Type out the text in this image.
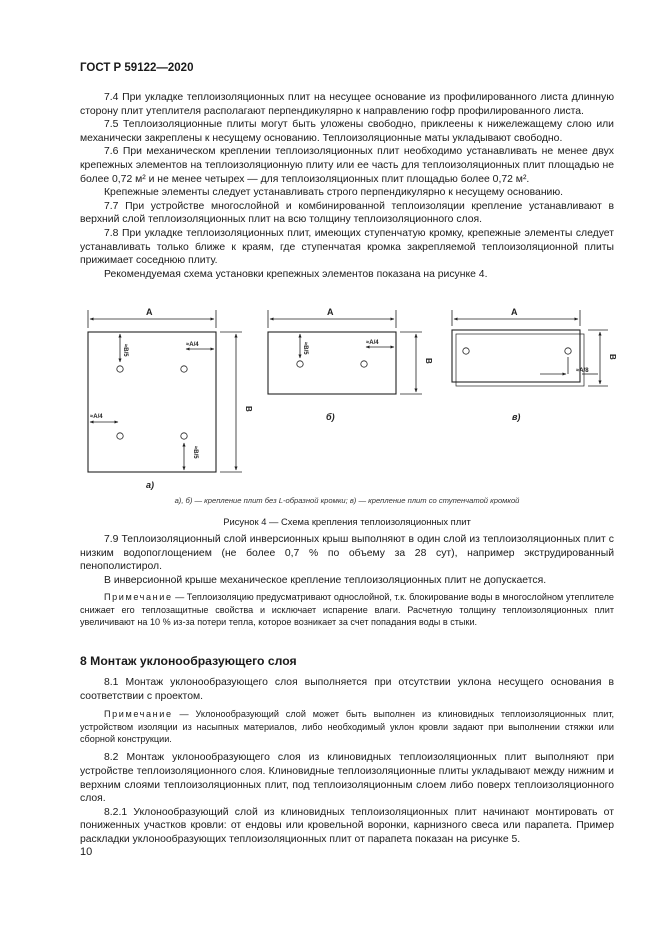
ГОСТ Р 59122—2020

7.4 При укладке теплоизоляционных плит на несущее основание из профилированного листа длинную сторону плит утеплителя располагают перпендикулярно к направлению гофр профилированного листа.

7.5 Теплоизоляционные плиты могут быть уложены свободно, приклеены к нижележащему слою или механически закреплены к несущему основанию. Теплоизоляционные маты укладывают свободно.

7.6 При механическом креплении теплоизоляционных плит необходимо устанавливать не менее двух крепежных элементов на теплоизоляционную плиту или ее часть для теплоизоляционных плит площадью не более 0,72 м² и не менее четырех — для теплоизоляционных плит площадью более 0,72 м².

Крепежные элементы следует устанавливать строго перпендикулярно к несущему основанию.

7.7 При устройстве многослойной и комбинированной теплоизоляции крепление устанавливают в верхний слой теплоизоляционных плит на всю толщину теплоизоляционного слоя.

7.8 При укладке теплоизоляционных плит, имеющих ступенчатую кромку, крепежные элементы следует устанавливать только ближе к краям, где ступенчатая кромка закрепляемой теплоизоляционной плиты прижимает соседнюю плиту.

Рекомендуемая схема установки крепежных элементов показана на рисунке 4.

A
B
≈B/5	≈A/4
≈A/4
≈B/5
а)
A
B
≈B/5	≈A/4
б)
A
B
≈A/8
в)
а), б) — крепление плит без L-образной кромки; в) — крепление плит со ступенчатой кромкой
Рисунок 4 — Схема крепления теплоизоляционных плит

7.9 Теплоизоляционный слой инверсионных крыш выполняют в один слой из теплоизоляционных плит с низким водопоглощением (не более 0,7 % по объему за 28 сут), например экструдированный пенополистирол.

В инверсионной крыше механическое крепление теплоизоляционных плит не допускается.

Примечание — Теплоизоляцию предусматривают однослойной, т.к. блокирование воды в многослойном утеплителе снижает его теплозащитные свойства и исключает испарение влаги. Расчетную толщину теплоизоляционных плит увеличивают на 10 % из-за потери тепла, которое возникает за счет попадания воды в стыки.

8 Монтаж уклонообразующего слоя

8.1 Монтаж уклонообразующего слоя выполняется при отсутствии уклона несущего основания в соответствии с проектом.

Примечание — Уклонообразующий слой может быть выполнен из клиновидных теплоизоляционных плит, устройством изоляции из насыпных материалов, либо необходимый уклон кровли задают при выполнении стяжки или сборной конструкции.

8.2 Монтаж уклонообразующего слоя из клиновидных теплоизоляционных плит выполняют при устройстве теплоизоляционного слоя. Клиновидные теплоизоляционные плиты укладывают между нижним и верхним слоями теплоизоляционных плит, под теплоизоляционным слоем либо поверх теплоизоляционного слоя.

8.2.1 Уклонообразующий слой из клиновидных теплоизоляционных плит начинают монтировать от пониженных участков кровли: от ендовы или кровельной воронки, карнизного свеса или парапета. Пример раскладки уклонообразующих теплоизоляционных плит от парапета показан на рисунке 5.

10
